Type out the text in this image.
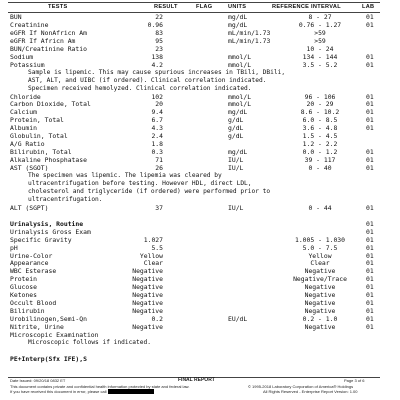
TESTS	RESULT	FLAG	UNITS	REFERENCE INTERVAL	LAB
BUN	22	mg/dL	8 - 27	01
Creatinine	0.96	mg/dL	0.76 - 1.27	01
eGFR If NonAfricn Am	83	mL/min/1.73	>59
eGFR If Africn Am	95	mL/min/1.73	>59
BUN/Creatinine Ratio	23	10 - 24
Sodium	138	mmol/L	134 - 144	01
Potassium	4.2	mmol/L	3.5 - 5.2	01
Sample is lipemic. This may cause spurious increases in TBili, DBili,
AST, ALT, and UIBC (if ordered). Clinical correlation indicated.
Specimen received hemolyzed. Clinical correlation indicated.
Chloride	102	mmol/L	96 - 106	01
Carbon Dioxide, Total	20	mmol/L	20 - 29	01
Calcium	9.4	mg/dL	8.6 - 10.2	01
Protein, Total	6.7	g/dL	6.0 - 8.5	01
Albumin	4.3	g/dL	3.6 - 4.8	01
Globulin, Total	2.4	g/dL	1.5 - 4.5
A/G Ratio	1.8	1.2 - 2.2
Bilirubin, Total	0.3	mg/dL	0.0 - 1.2	01
Alkaline Phosphatase	71	IU/L	39 - 117	01
AST (SGOT)	26	IU/L	0 - 40	01
The specimen was lipemic. The lipemia was cleared by
ultracentrifugation before testing. However HDL, direct LDL,
cholesterol and triglyceride (if ordered) were performed prior to
ultracentrifugation.
ALT (SGPT)	37	IU/L	0 - 44	01
Urinalysis, Routine	01
Urinalysis Gross Exam	01
Specific Gravity	1.027	1.005 - 1.030	01
pH	5.5	5.0 - 7.5	01
Urine-Color	Yellow	Yellow	01
Appearance	Clear	Clear	01
WBC Esterase	Negative	Negative	01
Protein	Negative	Negative/Trace	01
Glucose	Negative	Negative	01
Ketones	Negative	Negative	01
Occult Blood	Negative	Negative	01
Bilirubin	Negative	Negative	01
Urobilinogen,Semi-Qn	0.2	EU/dL	0.2 - 1.0	01
Nitrite, Urine	Negative	Negative	01
Microscopic Examination
Microscopic follows if indicated.
PE+Interp(Sfx IFE),S
Date Issued: 09/20/18 0832 ET	FINAL REPORT	Page 3 of 6
This document contains private and confidential health information protected by state and federal law.
If you have received this document in error, please call
© 1995-2018 Laboratory Corporation of America® Holdings
All Rights Reserved - Enterprise Report Version: 1.00
